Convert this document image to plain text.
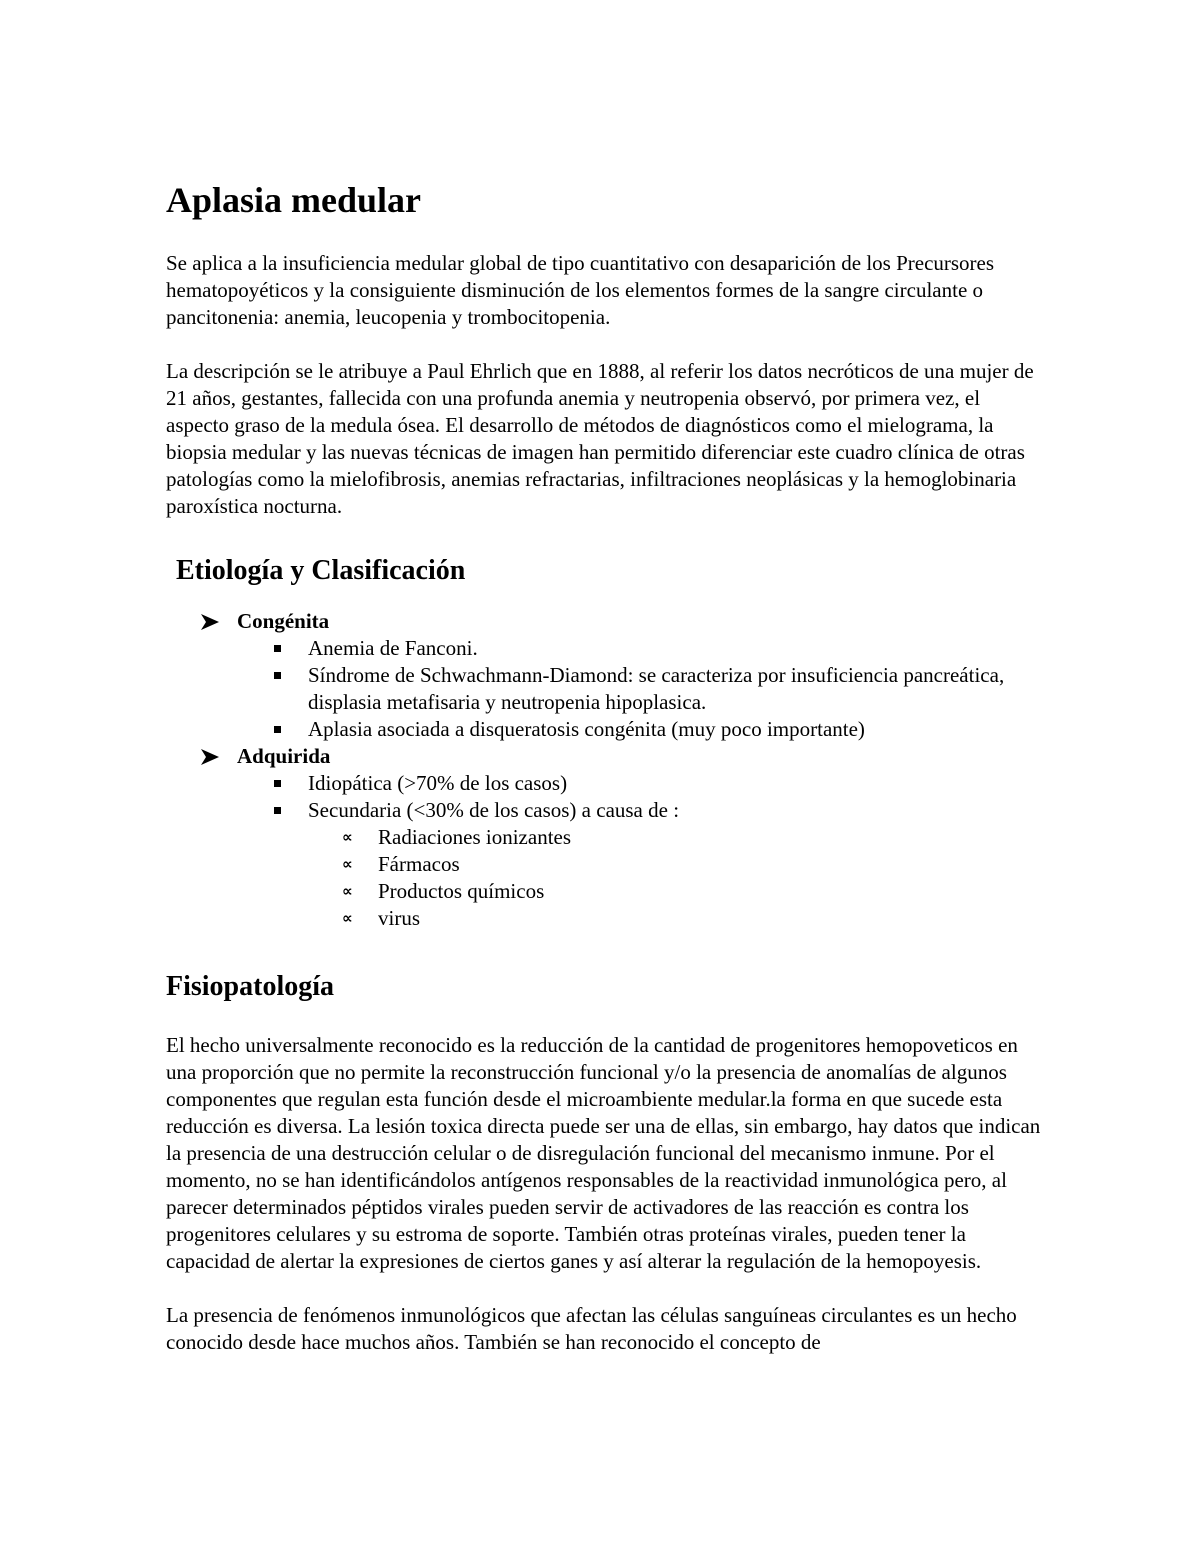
Aplasia medular

Se aplica a la insuficiencia medular global de tipo cuantitativo con desaparición de los Precursores hematopoyéticos y la consiguiente disminución de los elementos formes de la sangre circulante o pancitonenia: anemia, leucopenia y trombocitopenia.

La descripción se le atribuye a Paul Ehrlich que en 1888, al referir los datos necróticos de una mujer de 21 años, gestantes, fallecida con una profunda anemia y neutropenia observó, por primera vez, el aspecto graso de la medula ósea. El desarrollo de métodos de diagnósticos como el mielograma, la biopsia medular y las nuevas técnicas de imagen han permitido diferenciar este cuadro clínica de otras patologías como la mielofibrosis, anemias refractarias, infiltraciones neoplásicas y la hemoglobinaria paroxística nocturna.

Etiología y Clasificación
Congénita
Anemia de Fanconi.
Síndrome de Schwachmann-Diamond: se caracteriza por insuficiencia pancreática, displasia metafisaria y neutropenia hipoplasica.
Aplasia asociada a disqueratosis congénita (muy poco importante)
Adquirida
Idiopática (>70% de los casos)
Secundaria (<30% de los casos) a causa de :
∝ Radiaciones ionizantes
∝ Fármacos
∝ Productos químicos
∝ virus
Fisiopatología

El hecho universalmente reconocido es la reducción de la cantidad de progenitores hemopoveticos en una proporción que no permite la reconstrucción funcional y/o la presencia de anomalías de algunos componentes que regulan esta función desde el microambiente medular.la forma en que sucede esta reducción es diversa. La lesión toxica directa puede ser una de ellas, sin embargo, hay datos que indican la presencia de una destrucción celular o de disregulación funcional del mecanismo inmune. Por el momento, no se han identificándolos antígenos responsables de la reactividad inmunológica pero, al parecer determinados péptidos virales pueden servir de activadores de las reacción es contra los progenitores celulares y su estroma de soporte. También otras proteínas virales, pueden tener la capacidad de alertar la expresiones de ciertos ganes y así alterar la regulación de la hemopoyesis.

La presencia de fenómenos inmunológicos que afectan las células sanguíneas circulantes es un hecho conocido desde hace muchos años. También se han reconocido el concepto de
